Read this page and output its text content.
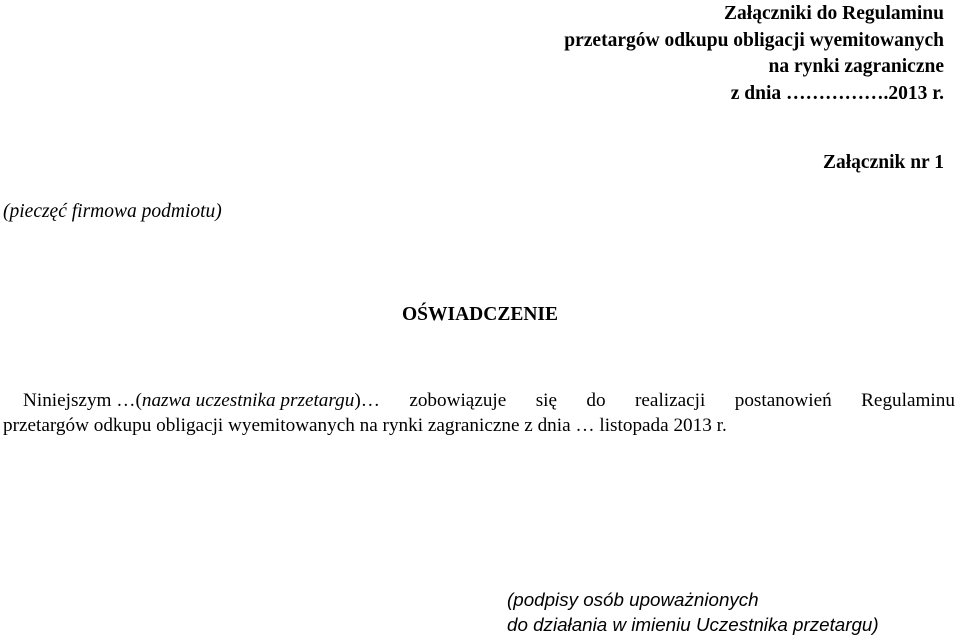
Załączniki do Regulaminu
przetargów odkupu obligacji wyemitowanych
na rynki zagraniczne
z dnia …………….2013 r.
Załącznik nr 1
(pieczęć firmowa podmiotu)
OŚWIADCZENIE
Niniejszym …(nazwa uczestnika przetargu)… zobowiązuje się do realizacji postanowień Regulaminu
przetargów odkupu obligacji wyemitowanych na rynki zagraniczne z dnia … listopada 2013 r.
(podpisy osób upoważnionych
do działania w imieniu Uczestnika przetargu)
